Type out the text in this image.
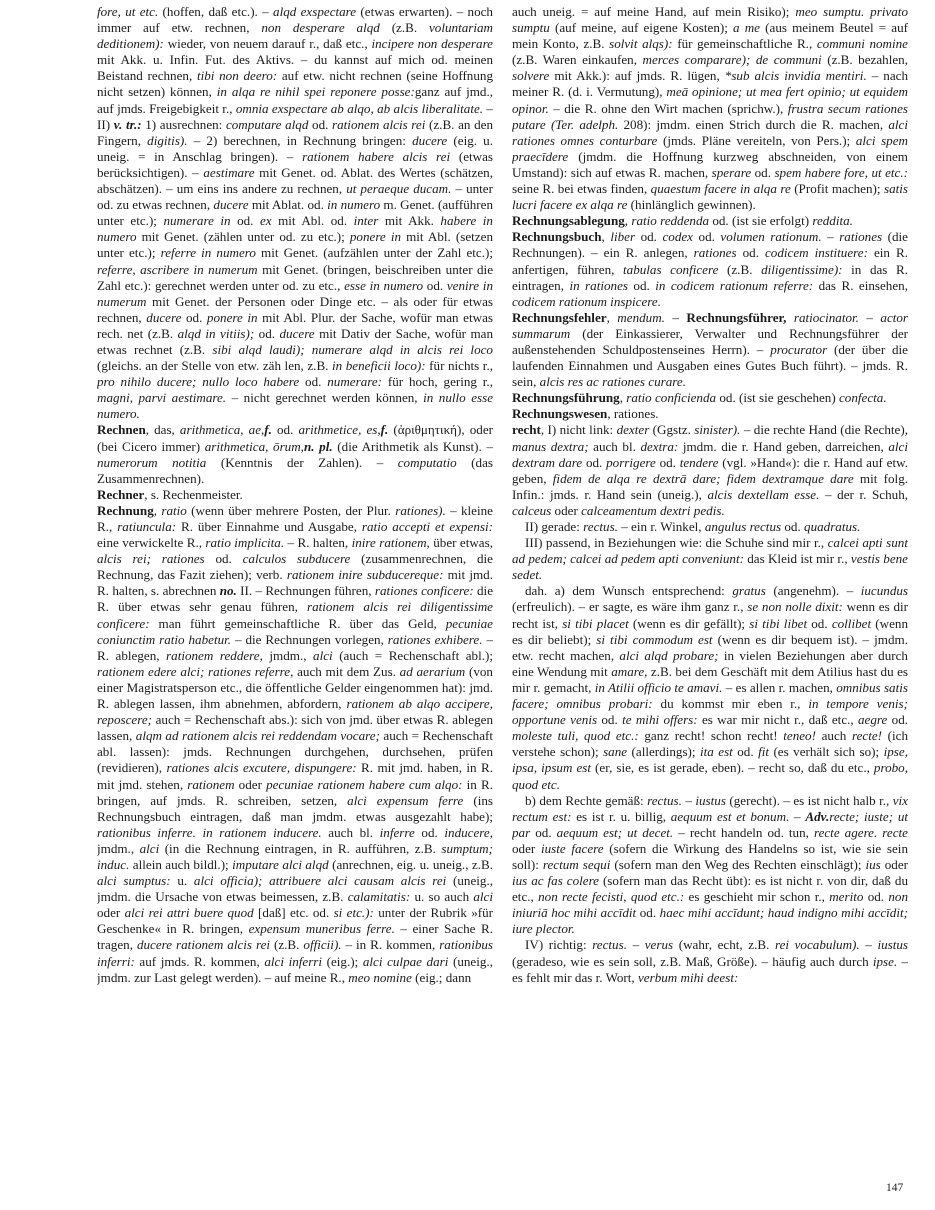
fore, ut etc. (hoffen, daß etc.). – alqd exspectare (etwas erwarten). – noch immer auf etw. rechnen, non desperare alqd (z.B. voluntariam deditionem): wieder, von neuem darauf r., daß etc., incipere non desperare mit Akk. u. Infin. Fut. des Aktivs. – du kannst auf mich od. meinen Beistand rechnen, tibi non deero: auf etw. nicht rechnen (seine Hoffnung nicht setzen) können, in alqa re nihil spei reponere posse:ganz auf jmd., auf jmds. Freigebigkeit r., omnia exspectare ab alqo, ab alcis liberalitate. – II) v. tr.: 1) ausrechnen: computare alqd od. rationem alcis rei (z.B. an den Fingern, digitis). – 2) berechnen, in Rechnung bringen: ducere (eig. u. uneig. = in Anschlag bringen). – rationem habere alcis rei (etwas berücksichtigen). – aestimare mit Genet. od. Ablat. des Wertes (schätzen, abschätzen). – um eins ins andere zu rechnen, ut peraeque ducam. – unter od. zu etwas rechnen, ducere mit Ablat. od. in numero m. Genet. (aufführen unter etc.); numerare in od. ex mit Abl. od. inter mit Akk. habere in numero mit Genet. (zählen unter od. zu etc.); ponere in mit Abl. (setzen unter etc.); referre in numero mit Genet. (aufzählen unter der Zahl etc.); referre, ascribere in numerum mit Genet. (bringen, beischreiben unter die Zahl etc.): gerechnet werden unter od. zu etc., esse in numero od. venire in numerum mit Genet. der Personen oder Dinge etc. – als oder für etwas rechnen, ducere od. ponere in mit Abl. Plur. der Sache, wofür man etwas rech. net (z.B. alqd in vitiis); od. ducere mit Dativ der Sache, wofür man etwas rechnet (z.B. sibi alqd laudi); numerare alqd in alcis rei loco (gleichs. an der Stelle von etw. zäh len, z.B. in beneficii loco): für nichts r., pro nihilo ducere; nullo loco habere od. numerare: für hoch, gering r., magni, parvi aestimare. – nicht gerechnet werden können, in nullo esse numero.

Rechnen, das, arithmetica, ae,f. od. arithmetice, es,f. (ἀριθμητική), oder (bei Cicero immer) arithmetica, ōrum,n. pl. (die Arithmetik als Kunst). – numerorum notitia (Kenntnis der Zahlen). – computatio (das Zusammenrechnen).

Rechner, s. Rechenmeister.

Rechnung, ratio (wenn über mehrere Posten, der Plur. rationes). – kleine R., ratiuncula: R. über Einnahme und Ausgabe, ratio accepti et expensi: eine verwickelte R., ratio implicita. – R. halten, inire rationem, über etwas, alcis rei; rationes od. calculos subducere (zusammenrechnen, die Rechnung, das Fazit ziehen); verb. rationem inire subducereque: mit jmd. R. halten, s. abrechnen no. II. – Rechnungen führen, rationes conficere: die R. über etwas sehr genau führen, rationem alcis rei diligentissime conficere: man führt gemeinschaftliche R. über das Geld, pecuniae coniunctim ratio habetur. – die Rechnungen vorlegen, rationes exhibere. – R. ablegen, rationem reddere, jmdm., alci (auch = Rechenschaft abl.); rationem edere alci; rationes referre, auch mit dem Zus. ad aerarium (von einer Magistratsperson etc., die öffentliche Gelder eingenommen hat): jmd. R. ablegen lassen, ihm abnehmen, abfordern, rationem ab alqo accipere, reposcere; auch = Rechenschaft abs.): sich von jmd. über etwas R. ablegen lassen, alqm ad rationem alcis rei reddendam vocare; auch = Rechenschaft abl. lassen): jmds. Rechnungen durchgehen, durchsehen, prüfen (revidieren), rationes alcis excutere, dispungere: R. mit jmd. haben, in R. mit jmd. stehen, rationem oder pecuniae rationem habere cum alqo: in R. bringen, auf jmds. R. schreiben, setzen, alci expensum ferre (ins Rechnungsbuch eintragen, daß man jmdm. etwas ausgezahlt habe); rationibus inferre. in rationem inducere. auch bl. inferre od. inducere, jmdm., alci (in die Rechnung eintragen, in R. aufführen, z.B. sumptum; induc. allein auch bildl.); imputare alci alqd (anrechnen, eig. u. uneig., z.B. alci sumptus: u. alci officia); attribuere alci causam alcis rei (uneig., jmdm. die Ursache von etwas beimessen, z.B. calamitatis: u. so auch alci oder alci rei attri buere quod [daß] etc. od. si etc.): unter der Rubrik »für Geschenke« in R. bringen, expensum muneribus ferre. – einer Sache R. tragen, ducere rationem alcis rei (z.B. officii). – in R. kommen, rationibus inferri: auf jmds. R. kommen, alci inferri (eig.); alci culpae dari (uneig., jmdm. zur Last gelegt werden). – auf meine R., meo nomine (eig.; dann

auch uneig. = auf meine Hand, auf mein Risiko); meo sumptu. privato sumptu (auf meine, auf eigene Kosten); a me (aus meinem Beutel = auf mein Konto, z.B. solvit alqs): für gemeinschaftliche R., communi nomine (z.B. Waren einkaufen, merces comparare); de communi (z.B. bezahlen, solvere mit Akk.): auf jmds. R. lügen, *sub alcis invidia mentiri. – nach meiner R. (d. i. Vermutung), meā opinione; ut mea fert opinio; ut equidem opinor. – die R. ohne den Wirt machen (sprichw.), frustra secum rationes putare (Ter. adelph. 208): jmdm. einen Strich durch die R. machen, alci rationes omnes conturbare (jmds. Pläne vereiteln, von Pers.); alci spem praecīdere (jmdm. die Hoffnung kurzweg abschneiden, von einem Umstand): sich auf etwas R. machen, sperare od. spem habere fore, ut etc.: seine R. bei etwas finden, quaestum facere in alqa re (Profit machen); satis lucri facere ex alqa re (hinlänglich gewinnen).

Rechnungsablegung, ratio reddenda od. (ist sie erfolgt) reddita.

Rechnungsbuch, liber od. codex od. volumen rationum. – rationes (die Rechnungen). – ein R. anlegen, rationes od. codicem instituere: ein R. anfertigen, führen, tabulas conficere (z.B. diligentissime): in das R. eintragen, in rationes od. in codicem rationum referre: das R. einsehen, codicem rationum inspicere.

Rechnungsfehler, mendum. – Rechnungsführer, ratiocinator. – actor summarum (der Einkassierer, Verwalter und Rechnungsführer der außenstehenden Schuldpostenseines Herrn). – procurator (der über die laufenden Einnahmen und Ausgaben eines Gutes Buch führt). – jmds. R. sein, alcis res ac rationes curare.

Rechnungsführung, ratio conficienda od. (ist sie geschehen) confecta.

Rechnungswesen, rationes.

recht, I) nicht link: dexter (Ggstz. sinister). – die rechte Hand (die Rechte), manus dextra; auch bl. dextra: jmdm. die r. Hand geben, darreichen, alci dextram dare od. porrigere od. tendere (vgl. »Hand«): die r. Hand auf etw. geben, fidem de alqa re dextrā dare; fidem dextramque dare mit folg. Infin.: jmds. r. Hand sein (uneig.), alcis dextellam esse. – der r. Schuh, calceus oder calceamentum dextri pedis.

II) gerade: rectus. – ein r. Winkel, angulus rectus od. quadratus.

III) passend, in Beziehungen wie: die Schuhe sind mir r., calcei apti sunt ad pedem; calcei ad pedem apti conveniunt: das Kleid ist mir r., vestis bene sedet.

dah. a) dem Wunsch entsprechend: gratus (angenehm). – iucundus (erfreulich). – er sagte, es wäre ihm ganz r., se non nolle dixit: wenn es dir recht ist, si tibi placet (wenn es dir gefällt); si tibi libet od. collibet (wenn es dir beliebt); si tibi commodum est (wenn es dir bequem ist). – jmdm. etw. recht machen, alci alqd probare; in vielen Beziehungen aber durch eine Wendung mit amare, z.B. bei dem Geschäft mit dem Atilius hast du es mir r. gemacht, in Atilii officio te amavi. – es allen r. machen, omnibus satis facere; omnibus probari: du kommst mir eben r., in tempore venis; opportune venis od. te mihi offers: es war mir nicht r., daß etc., aegre od. moleste tuli, quod etc.: ganz recht! schon recht! teneo! auch recte! (ich verstehe schon); sane (allerdings); ita est od. fit (es verhält sich so); ipse, ipsa, ipsum est (er, sie, es ist gerade, eben). – recht so, daß du etc., probo, quod etc.

b) dem Rechte gemäß: rectus. – iustus (gerecht). – es ist nicht halb r., vix rectum est: es ist r. u. billig, aequum est et bonum. – Adv.recte; iuste; ut par od. aequum est; ut decet. – recht handeln od. tun, recte agere. recte oder iuste facere (sofern die Wirkung des Handelns so ist, wie sie sein soll): rectum sequi (sofern man den Weg des Rechten einschlägt); ius oder ius ac fas colere (sofern man das Recht übt): es ist nicht r. von dir, daß du etc., non recte fecisti, quod etc.: es geschieht mir schon r., merito od. non iniuriā hoc mihi accīdit od. haec mihi accīdunt; haud indigno mihi accīdit; iure plector.

IV) richtig: rectus. – verus (wahr, echt, z.B. rei vocabulum). – iustus (geradeso, wie es sein soll, z.B. Maß, Größe). – häufig auch durch ipse. – es fehlt mir das r. Wort, verbum mihi deest:

147
